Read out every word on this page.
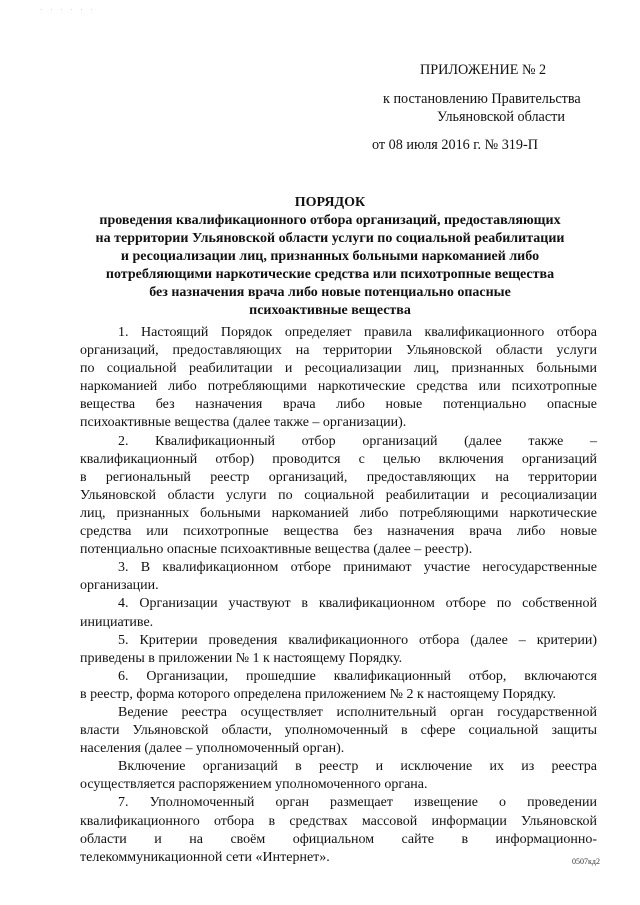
· · · · · ·
ПРИЛОЖЕНИЕ № 2
к постановлению Правительства
Ульяновской области
от 08 июля 2016 г. № 319-П
ПОРЯДОК
проведения квалификационного отбора организаций, предоставляющих
на территории Ульяновской области услуги по социальной реабилитации
и ресоциализации лиц, признанных больными наркоманией либо
потребляющими наркотические средства или психотропные вещества
без назначения врача либо новые потенциально опасные
психоактивные вещества
1. Настоящий Порядок определяет правила квалификационного отбора
организаций, предоставляющих на территории Ульяновской области услуги
по социальной реабилитации и ресоциализации лиц, признанных больными
наркоманией либо потребляющими наркотические средства или психотропные
вещества без назначения врача либо новые потенциально опасные
психоактивные вещества (далее также – организации).
2. Квалификационный отбор организаций (далее также –
квалификационный отбор) проводится с целью включения организаций
в региональный реестр организаций, предоставляющих на территории
Ульяновской области услуги по социальной реабилитации и ресоциализации
лиц, признанных больными наркоманией либо потребляющими наркотические
средства или психотропные вещества без назначения врача либо новые
потенциально опасные психоактивные вещества (далее – реестр).
3. В квалификационном отборе принимают участие негосударственные
организации.
4. Организации участвуют в квалификационном отборе по собственной
инициативе.
5. Критерии проведения квалификационного отбора (далее – критерии)
приведены в приложении № 1 к настоящему Порядку.
6. Организации, прошедшие квалификационный отбор, включаются
в реестр, форма которого определена приложением № 2 к настоящему Порядку.
Ведение реестра осуществляет исполнительный орган государственной
власти Ульяновской области, уполномоченный в сфере социальной защиты
населения (далее – уполномоченный орган).
Включение организаций в реестр и исключение их из реестра
осуществляется распоряжением уполномоченного органа.
7. Уполномоченный орган размещает извещение о проведении
квалификационного отбора в средствах массовой информации Ульяновской
области и на своём официальном сайте в информационно-
телекоммуникационной сети «Интернет».	0507кд2
